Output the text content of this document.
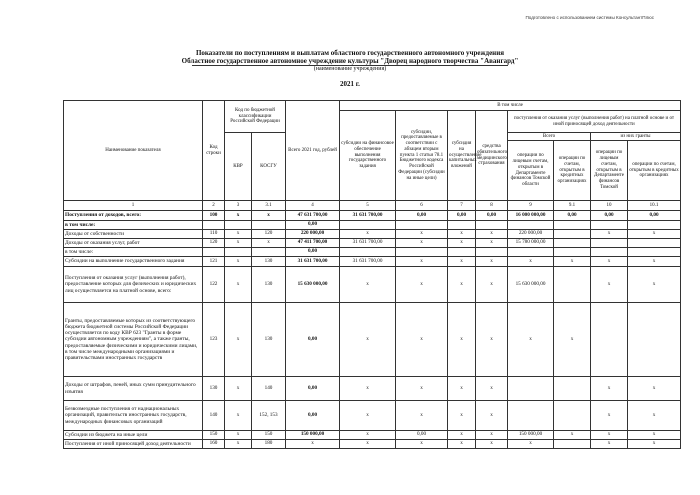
Подготовлено с использованием системы КонсультантПлюс
Показатели по поступлениям и выплатам областного государственного автономного учреждения
Областное государственное автономное учреждение культуры "Дворец народного творчества "Авангард"
(наименование учреждения)
2021 г.
Наименование показателя	Код строки	Код по бюджетной классификации Российской Федерации		Всего 2021 год, рублей	В том числе							
					субсидии на финансовое обеспечение выполнения государственного задания	субсидии, предоставляемые в соответствии с абзацем вторым пункта 1 статьи 78.1 Бюджетного кодекса Российской Федерации (субсидии на иные цели)	субсидия на осуществление капитальных вложений	средства обязательного медицинского страхования	поступления от оказания услуг (выполнения работ) на платной основе и от иной приносящей доход деятельности			
		КВР	КОСГУ						Всего		из них гранты	
									операции по лицевым счетам, открытым в Департаменте финансов Томской области	операции по счетам, открытым в кредитных организациях	операции по лицевым счетам, открытым в Департаменте финансов Томской	операции по счетам, открытым в кредитных организациях
1	2	3	3.1	4	5	6	7	8	9	9.1	10	10.1
Поступления от доходов, всего:	100	x	x	47 631 700,00	31 631 700,00	0,00	0,00	0,00	16 000 000,00	0,00	0,00	0,00
в том числе:				0,00								
Доходы от собственности	110	x	120	220 000,00	x	x	x	x	220 000,00		x	x
Доходы от оказания услуг, работ	120	x	x	47 411 700,00	31 631 700,00	x	x	x	15 780 000,00			
в том числе:				0,00								
Субсидии на выполнение государственного задания	121	x	130	31 631 700,00	31 631 700,00	x	x	x	x	x	x	x
Поступления от оказания услуг (выполнения работ), предоставление которых для физических и юридических лиц осуществляется на платной основе, всего:	122	x	130	15 630 000,00	x	x	x	x	15 630 000,00		x	x
Гранты, предоставляемые которых из соответствующего бюджета бюджетной системы Российской Федерации осуществляется по коду КВР 623 "Гранты в форме субсидии автономным учреждениям", а также гранты, предоставляемые физическими и юридическими лицами, в том числе международными организациями и правительствами иностранных государств	123	x	130	0,00	x	x	x	x	x	x		
Доходы от штрафов, пеней, иных сумм принудительного изъятия	130	x	140	0,00	x	x	x	x			x	x
Безвозмездные поступления от наднациональных организаций, правительств иностранных государств, международных финансовых организаций	140	x	152, 153	0,00	x	x	x	x			x	x
Субсидии из бюджета на иные цели	150	x	150	150 000,00	x	0,00	x	x	150 000,00	x	x	x
Поступления от иной приносящей доход деятельности	160	x	180	x	x	x	x	x	x		x	x
